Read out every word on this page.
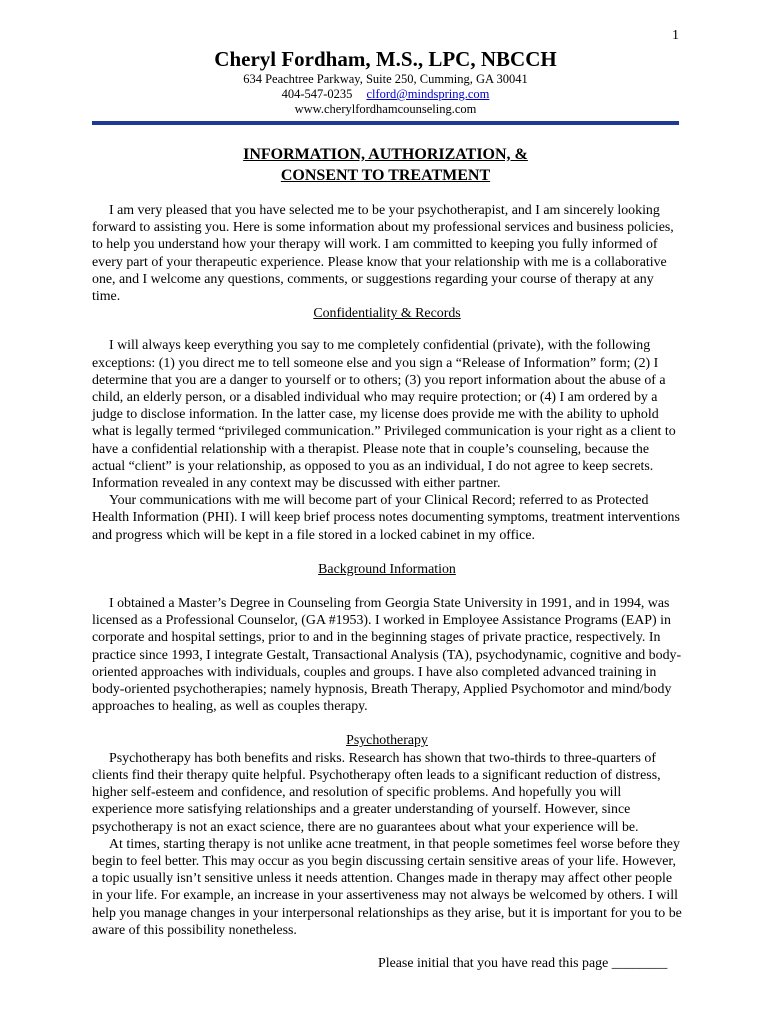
1
Cheryl Fordham, M.S., LPC, NBCCH
634 Peachtree Parkway, Suite 250, Cumming, GA 30041
404-547-0235 clford@mindspring.com
www.cherylfordhamcounseling.com
INFORMATION, AUTHORIZATION, &
CONSENT TO TREATMENT

I am very pleased that you have selected me to be your psychotherapist, and I am sincerely looking forward to assisting you. Here is some information about my professional services and business policies, to help you understand how your therapy will work. I am committed to keeping you fully informed of every part of your therapeutic experience. Please know that your relationship with me is a collaborative one, and I welcome any questions, comments, or suggestions regarding your course of therapy at any time.

Confidentiality & Records

I will always keep everything you say to me completely confidential (private), with the following exceptions: (1) you direct me to tell someone else and you sign a “Release of Information” form; (2) I determine that you are a danger to yourself or to others; (3) you report information about the abuse of a child, an elderly person, or a disabled individual who may require protection; or (4) I am ordered by a judge to disclose information. In the latter case, my license does provide me with the ability to uphold what is legally termed “privileged communication.” Privileged communication is your right as a client to have a confidential relationship with a therapist. Please note that in couple’s counseling, because the actual “client” is your relationship, as opposed to you as an individual, I do not agree to keep secrets. Information revealed in any context may be discussed with either partner.

Your communications with me will become part of your Clinical Record; referred to as Protected Health Information (PHI). I will keep brief process notes documenting symptoms, treatment interventions and progress which will be kept in a file stored in a locked cabinet in my office.

Background Information

I obtained a Master’s Degree in Counseling from Georgia State University in 1991, and in 1994, was licensed as a Professional Counselor, (GA #1953). I worked in Employee Assistance Programs (EAP) in corporate and hospital settings, prior to and in the beginning stages of private practice, respectively. In practice since 1993, I integrate Gestalt, Transactional Analysis (TA), psychodynamic, cognitive and body-oriented approaches with individuals, couples and groups. I have also completed advanced training in body-oriented psychotherapies; namely hypnosis, Breath Therapy, Applied Psychomotor and mind/body approaches to healing, as well as couples therapy.

Psychotherapy

Psychotherapy has both benefits and risks. Research has shown that two-thirds to three-quarters of clients find their therapy quite helpful. Psychotherapy often leads to a significant reduction of distress, higher self-esteem and confidence, and resolution of specific problems. And hopefully you will experience more satisfying relationships and a greater understanding of yourself. However, since psychotherapy is not an exact science, there are no guarantees about what your experience will be.

At times, starting therapy is not unlike acne treatment, in that people sometimes feel worse before they begin to feel better. This may occur as you begin discussing certain sensitive areas of your life. However, a topic usually isn’t sensitive unless it needs attention. Changes made in therapy may affect other people in your life. For example, an increase in your assertiveness may not always be welcomed by others. I will help you manage changes in your interpersonal relationships as they arise, but it is important for you to be aware of this possibility nonetheless.

Please initial that you have read this page ________
